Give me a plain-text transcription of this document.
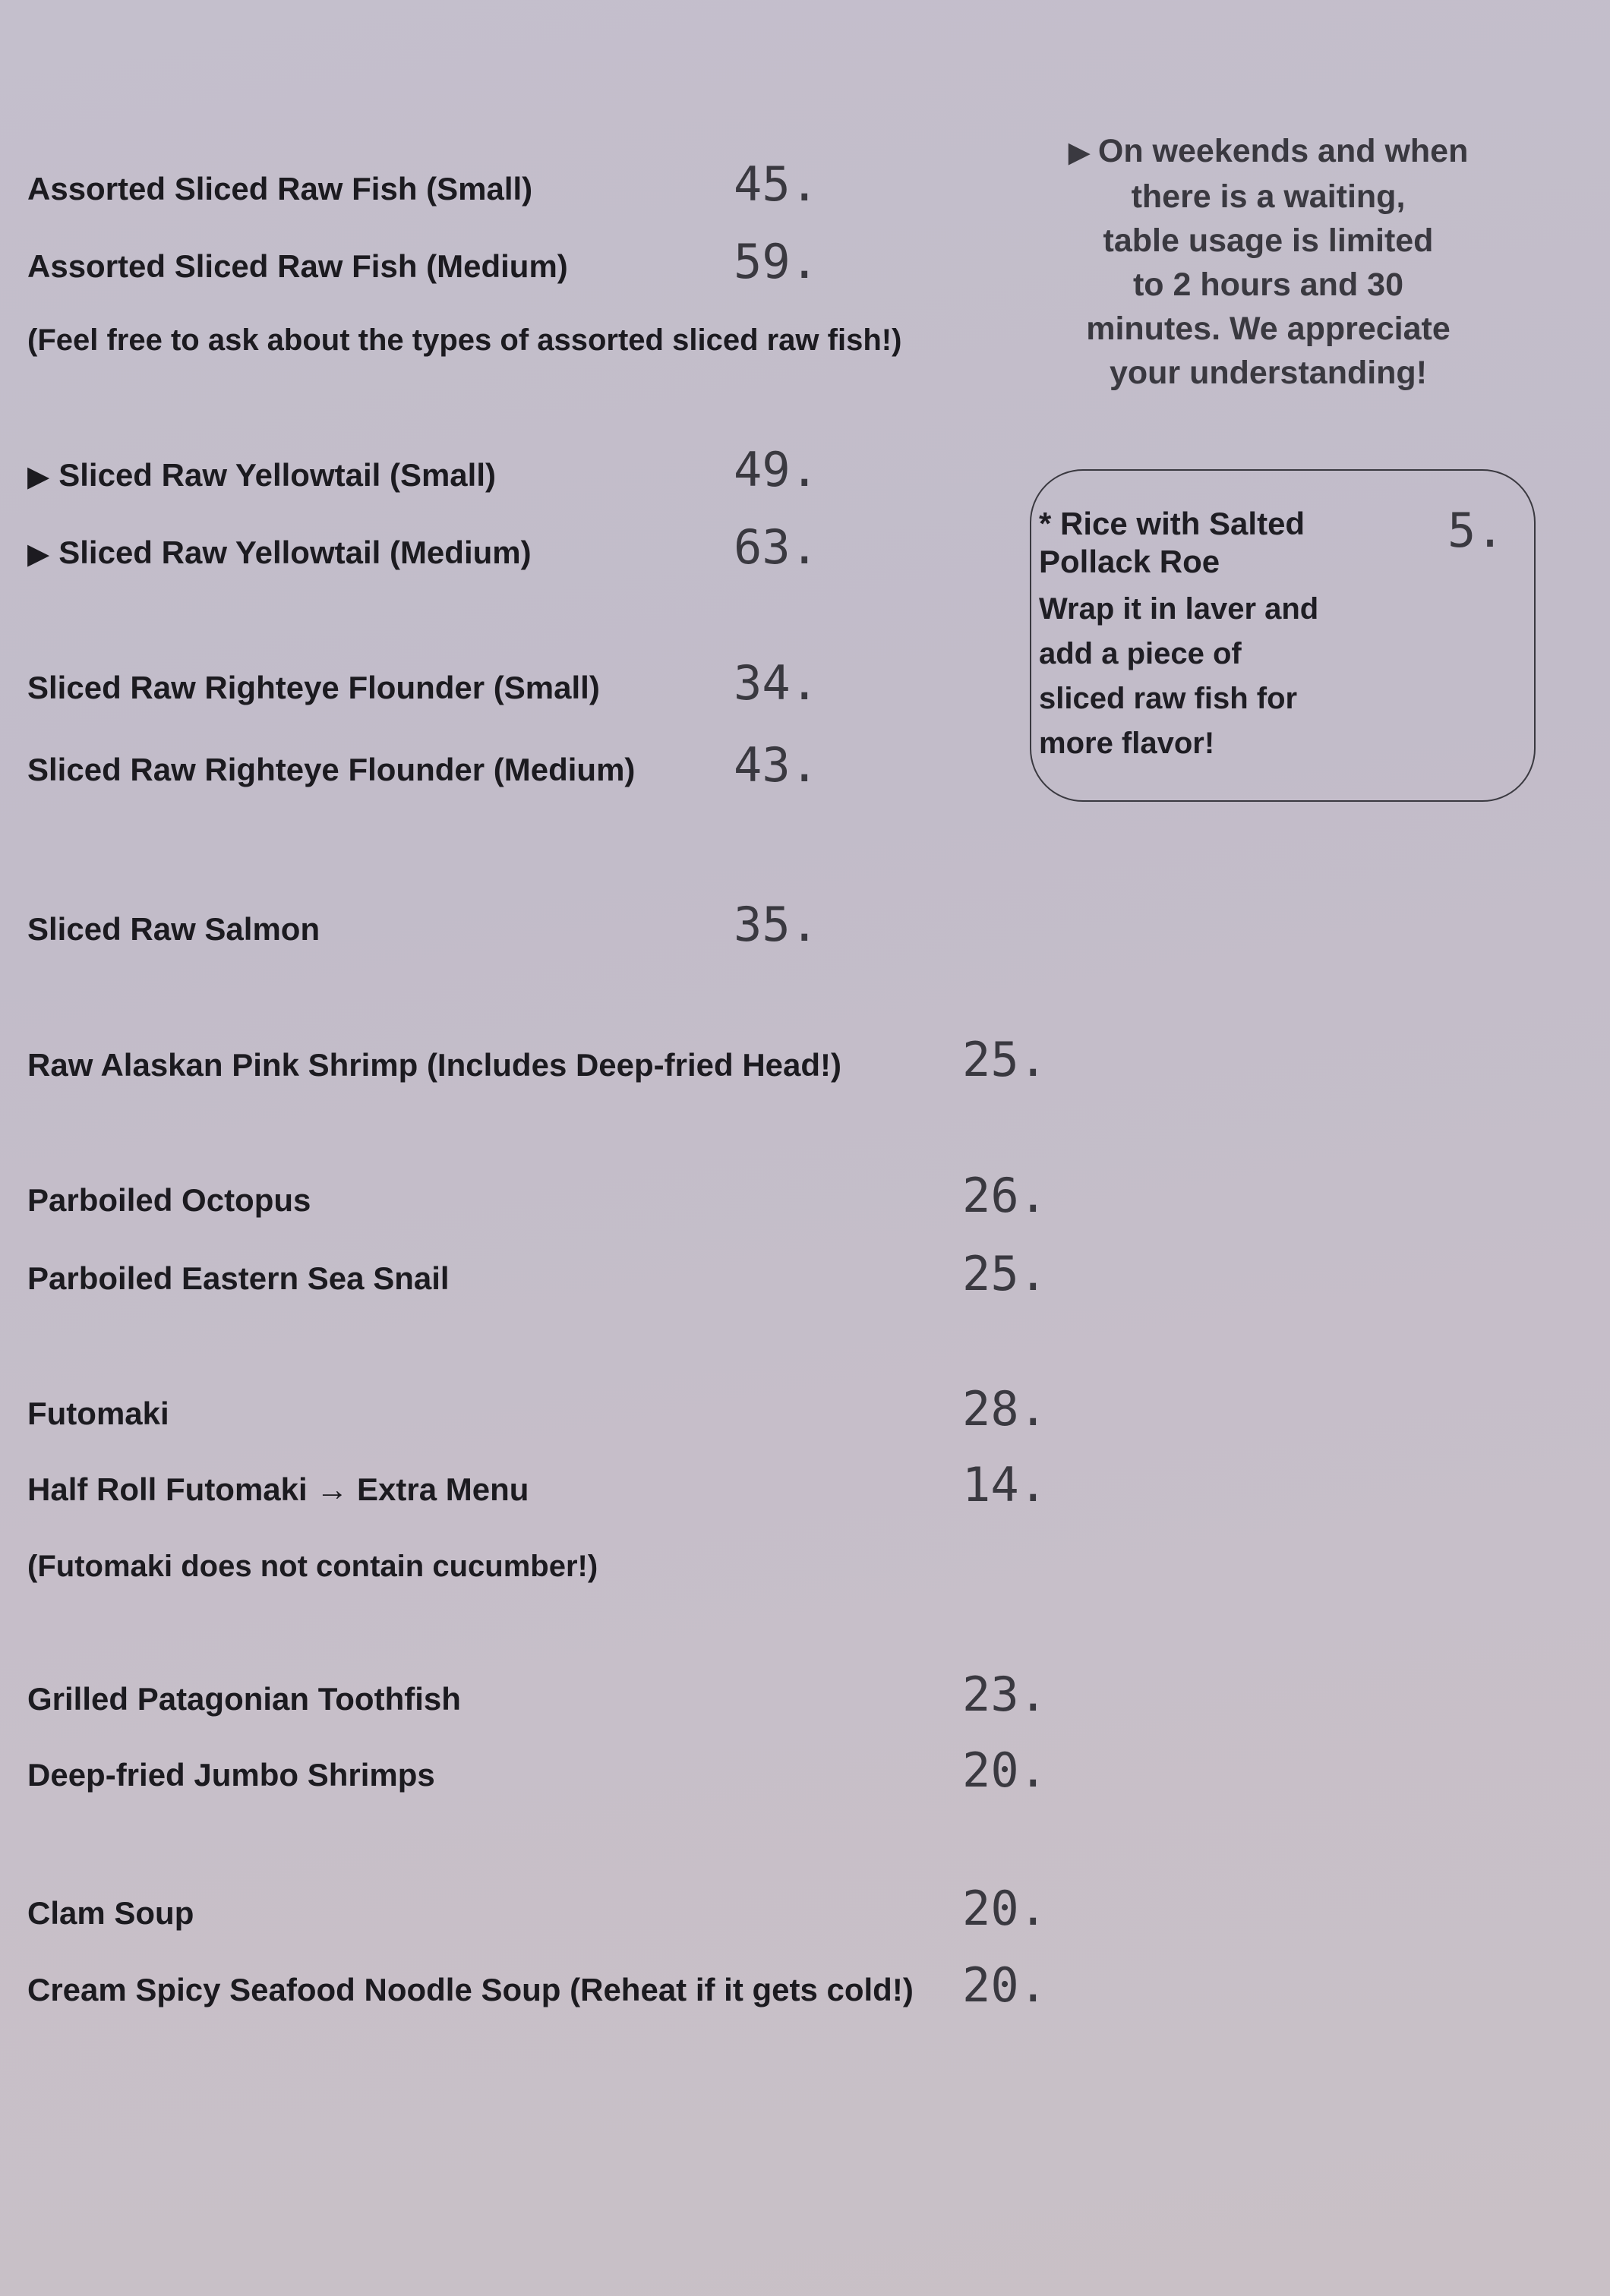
Assorted Sliced Raw Fish (Small)	45.
Assorted Sliced Raw Fish (Medium)	59.
(Feel free to ask about the types of assorted sliced raw fish!)
▶ Sliced Raw Yellowtail (Small)	49.
▶ Sliced Raw Yellowtail (Medium)	63.
Sliced Raw Righteye Flounder (Small)	34.
Sliced Raw Righteye Flounder (Medium) 43.
Sliced Raw Salmon	35.
Raw Alaskan Pink Shrimp (Includes Deep-fried Head!)	25.
Parboiled Octopus	26.
Parboiled Eastern Sea Snail	25.
Futomaki	28.
Half Roll Futomaki → Extra Menu	14.
(Futomaki does not contain cucumber!)
Grilled Patagonian Toothfish	23.
Deep-fried Jumbo Shrimps	20.
Clam Soup	20.
Cream Spicy Seafood Noodle Soup (Reheat if it gets cold!) 20.
▶ On weekends and when
there is a waiting,
table usage is limited
to 2 hours and 30
minutes. We appreciate
your understanding!
* Rice with Salted
Pollack Roe
5.
Wrap it in laver and
add a piece of
sliced raw fish for
more flavor!
